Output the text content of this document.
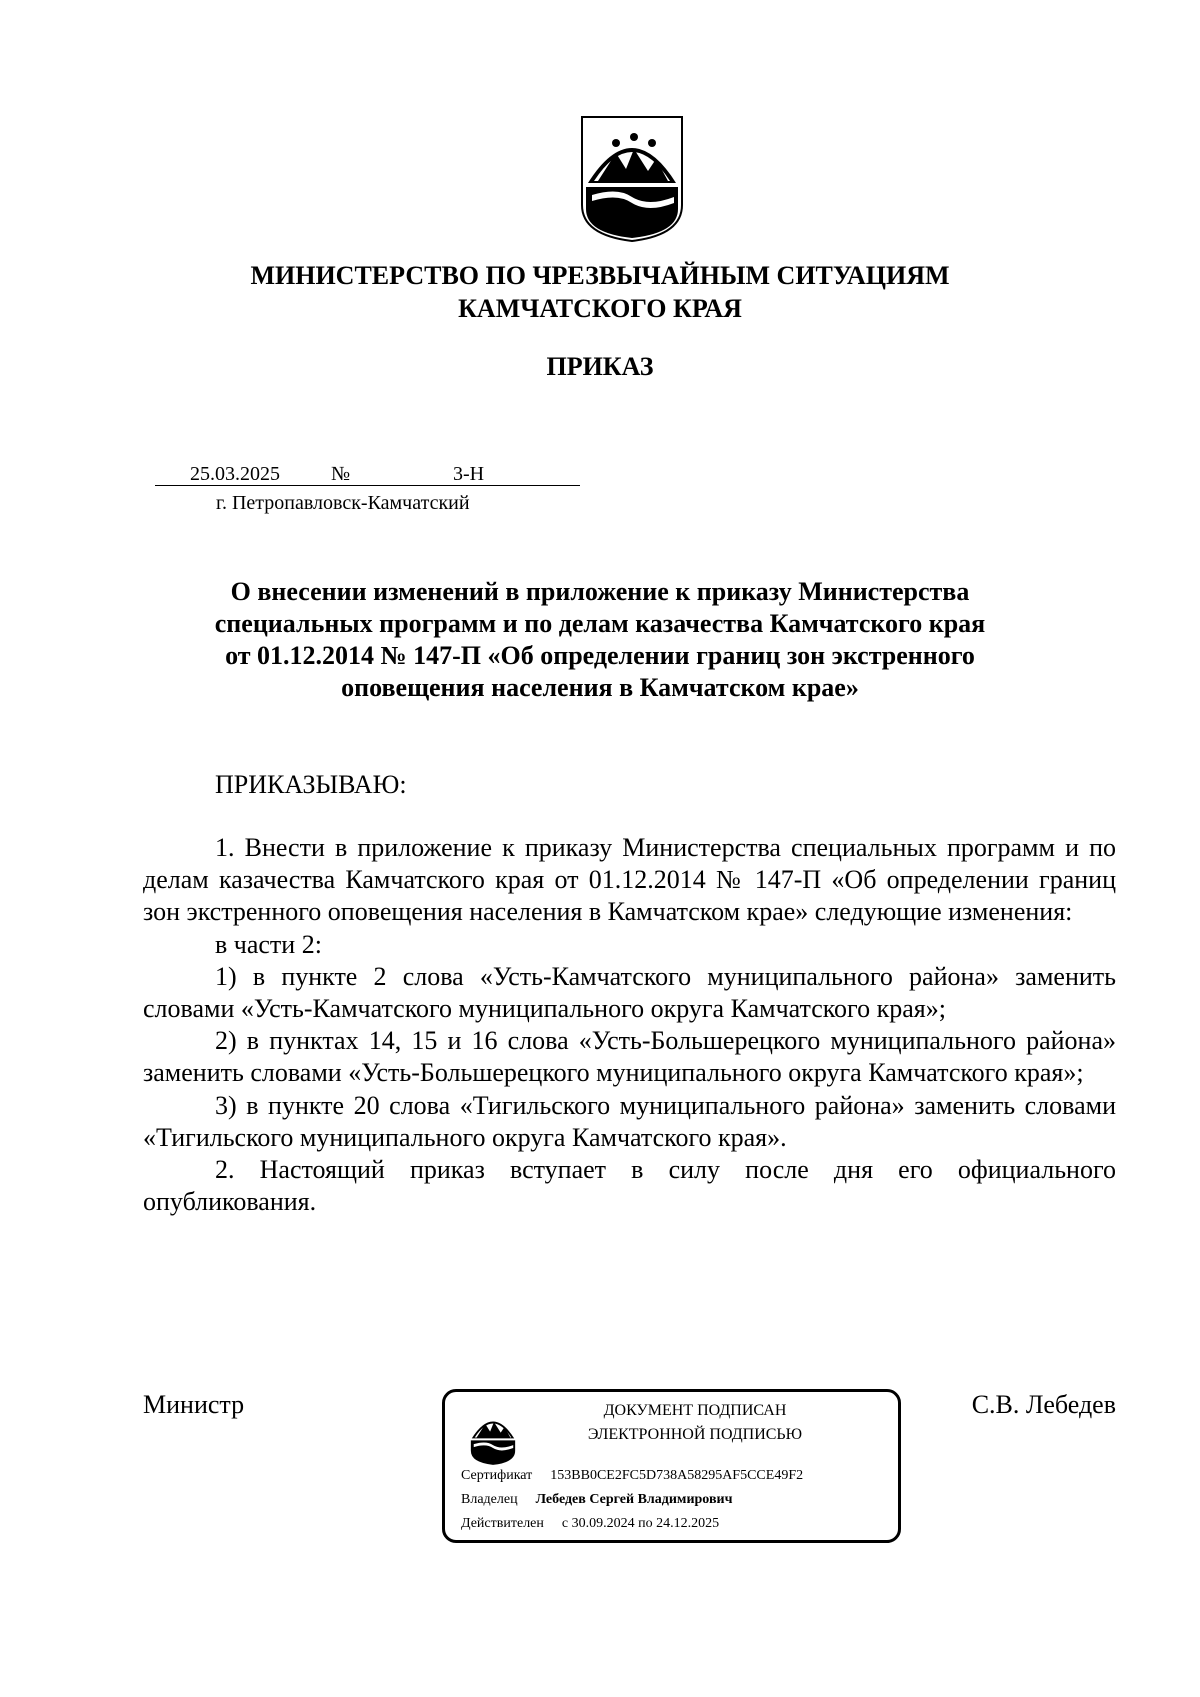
МИНИСТЕРСТВО ПО ЧРЕЗВЫЧАЙНЫМ СИТУАЦИЯМ
КАМЧАТСКОГО КРАЯ
ПРИКАЗ
25.03.2025	№	3-Н
г. Петропавловск-Камчатский
О внесении изменений в приложение к приказу Министерства
специальных программ и по делам казачества Камчатского края
от 01.12.2014 № 147-П «Об определении границ зон экстренного
оповещения населения в Камчатском крае»
ПРИКАЗЫВАЮ:

1. Внести в приложение к приказу Министерства специальных программ и по делам казачества Камчатского края от 01.12.2014 № 147-П «Об определении границ зон экстренного оповещения населения в Камчатском крае» следующие изменения:

в части 2:

1) в пункте 2 слова «Усть-Камчатского муниципального района» заменить словами «Усть-Камчатского муниципального округа Камчатского края»;

2) в пунктах 14, 15 и 16 слова «Усть-Большерецкого муниципального района» заменить словами «Усть-Большерецкого муниципального округа Камчатского края»;

3) в пункте 20 слова «Тигильского муниципального района» заменить словами «Тигильского муниципального округа Камчатского края».

2. Настоящий приказ вступает в силу после дня его официального опубликования.

Министр	С.В. Лебедев
ДОКУМЕНТ ПОДПИСАН
ЭЛЕКТРОННОЙ ПОДПИСЬЮ
Сертификат 153BB0CE2FC5D738A58295AF5CCE49F2
Владелец Лебедев Сергей Владимирович
Действителен с 30.09.2024 по 24.12.2025
